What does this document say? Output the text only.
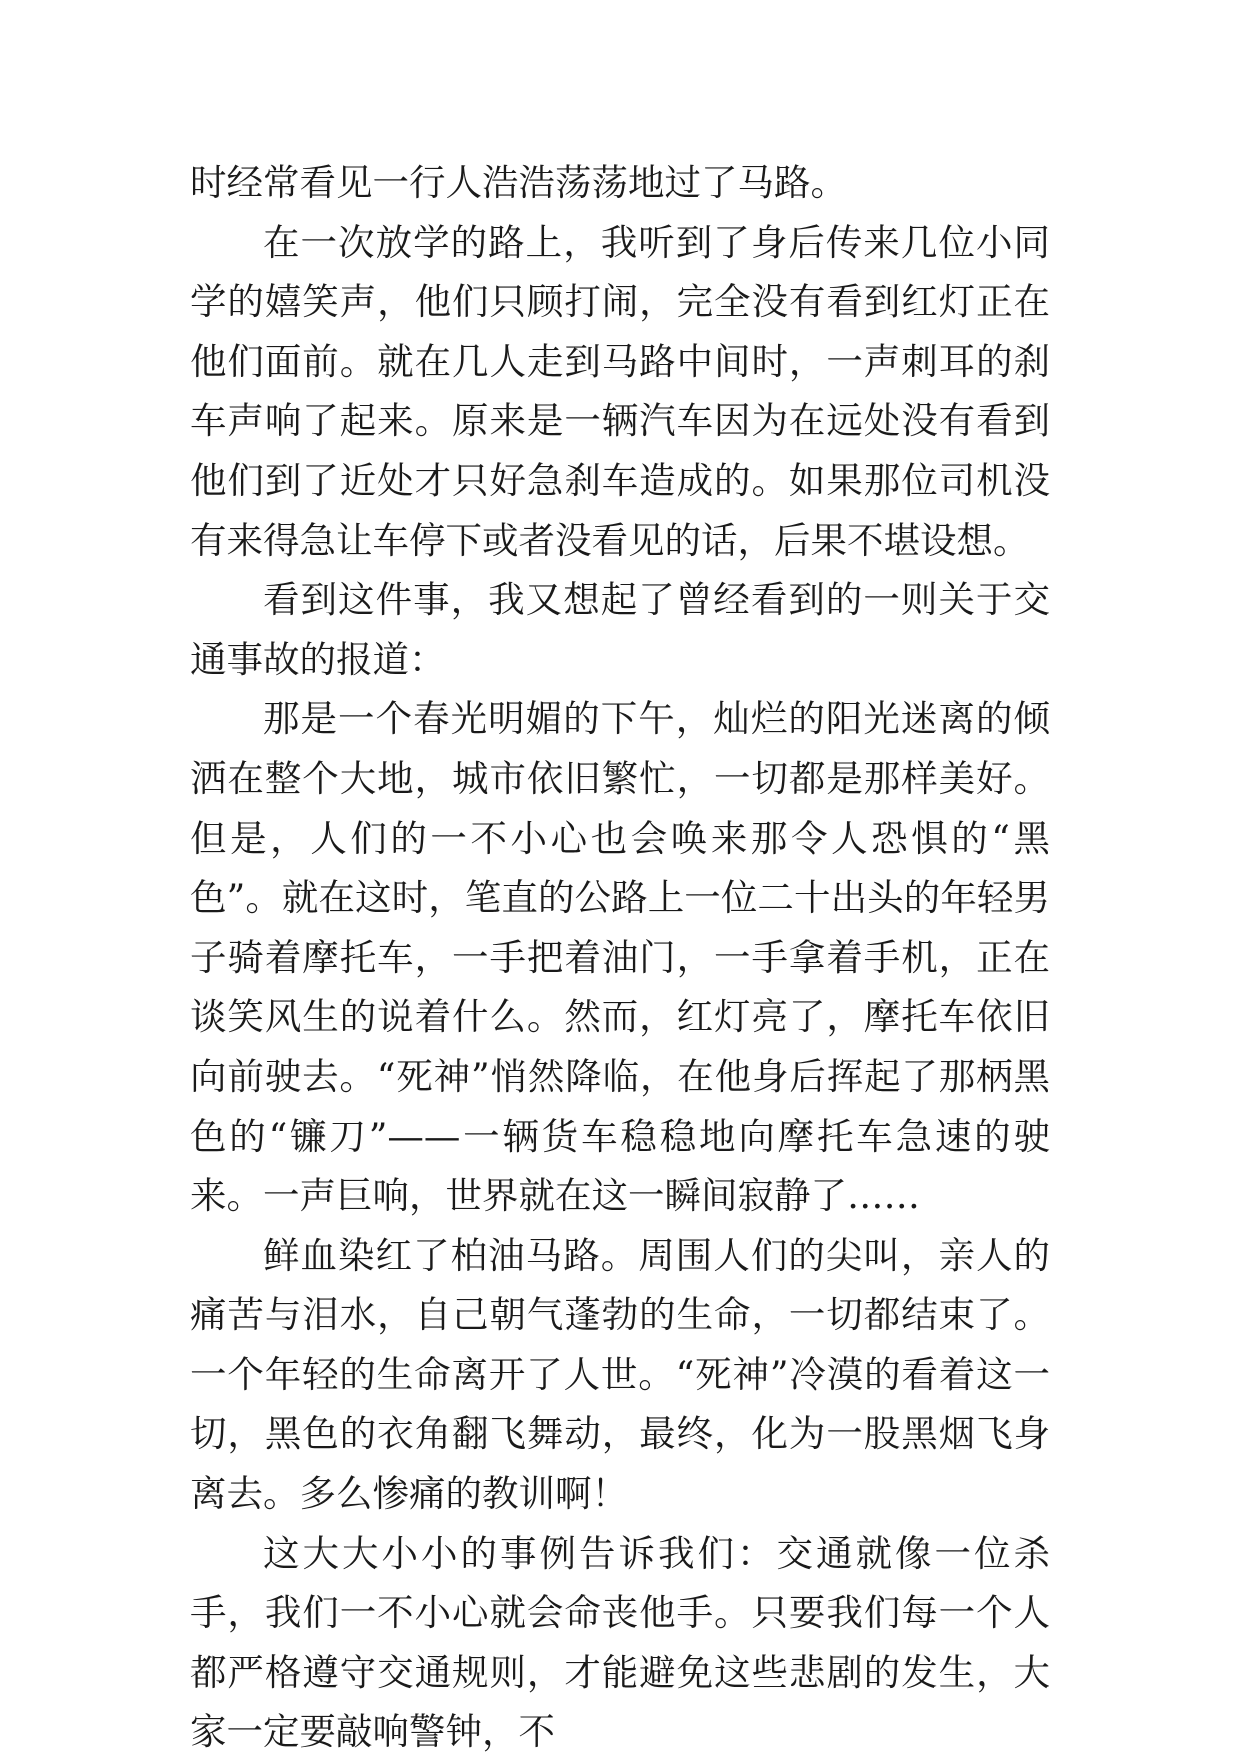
时经常看见一行人浩浩荡荡地过了马路。

在一次放学的路上，我听到了身后传来几位小同学的嬉笑声，他们只顾打闹，完全没有看到红灯正在他们面前。就在几人走到马路中间时，一声刺耳的刹车声响了起来。原来是一辆汽车因为在远处没有看到他们到了近处才只好急刹车造成的。如果那位司机没有来得急让车停下或者没看见的话，后果不堪设想。

看到这件事，我又想起了曾经看到的一则关于交通事故的报道：

那是一个春光明媚的下午，灿烂的阳光迷离的倾洒在整个大地，城市依旧繁忙，一切都是那样美好。但是，人们的一不小心也会唤来那令人恐惧的“黑色”。就在这时，笔直的公路上一位二十出头的年轻男子骑着摩托车，一手把着油门，一手拿着手机，正在谈笑风生的说着什么。然而，红灯亮了，摩托车依旧向前驶去。“死神”悄然降临，在他身后挥起了那柄黑色的“镰刀”——一辆货车稳稳地向摩托车急速的驶来。一声巨响，世界就在这一瞬间寂静了……

鲜血染红了柏油马路。周围人们的尖叫，亲人的痛苦与泪水，自己朝气蓬勃的生命，一切都结束了。一个年轻的生命离开了人世。“死神”冷漠的看着这一切，黑色的衣角翻飞舞动，最终，化为一股黑烟飞身离去。多么惨痛的教训啊！

这大大小小的事例告诉我们：交通就像一位杀手，我们一不小心就会命丧他手。只要我们每一个人都严格遵守交通规则，才能避免这些悲剧的发生，大家一定要敲响警钟，不
